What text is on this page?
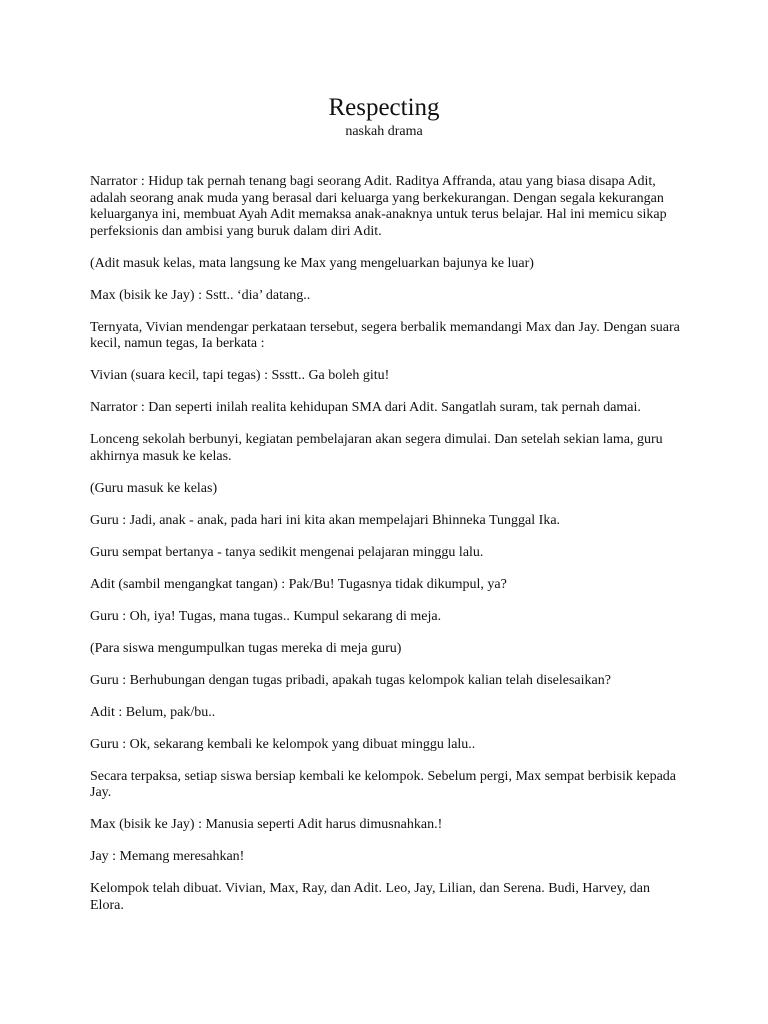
Respecting
naskah drama

Narrator : Hidup tak pernah tenang bagi seorang Adit. Raditya Affranda, atau yang biasa disapa Adit, adalah seorang anak muda yang berasal dari keluarga yang berkekurangan. Dengan segala kekurangan keluarganya ini, membuat Ayah Adit memaksa anak-anaknya untuk terus belajar. Hal ini memicu sikap perfeksionis dan ambisi yang buruk dalam diri Adit.

(Adit masuk kelas, mata langsung ke Max yang mengeluarkan bajunya ke luar)

Max (bisik ke Jay) : Sstt.. ‘dia’ datang..

Ternyata, Vivian mendengar perkataan tersebut, segera berbalik memandangi Max dan Jay. Dengan suara kecil, namun tegas, Ia berkata :

Vivian (suara kecil, tapi tegas) : Ssstt.. Ga boleh gitu!

Narrator : Dan seperti inilah realita kehidupan SMA dari Adit. Sangatlah suram, tak pernah damai.

Lonceng sekolah berbunyi, kegiatan pembelajaran akan segera dimulai. Dan setelah sekian lama, guru akhirnya masuk ke kelas.

(Guru masuk ke kelas)

Guru : Jadi, anak - anak, pada hari ini kita akan mempelajari Bhinneka Tunggal Ika.

Guru sempat bertanya - tanya sedikit mengenai pelajaran minggu lalu.

Adit (sambil mengangkat tangan) : Pak/Bu! Tugasnya tidak dikumpul, ya?

Guru : Oh, iya! Tugas, mana tugas.. Kumpul sekarang di meja.

(Para siswa mengumpulkan tugas mereka di meja guru)

Guru : Berhubungan dengan tugas pribadi, apakah tugas kelompok kalian telah diselesaikan?

Adit : Belum, pak/bu..

Guru : Ok, sekarang kembali ke kelompok yang dibuat minggu lalu..

Secara terpaksa, setiap siswa bersiap kembali ke kelompok. Sebelum pergi, Max sempat berbisik kepada Jay.

Max (bisik ke Jay) : Manusia seperti Adit harus dimusnahkan.!

Jay : Memang meresahkan!

Kelompok telah dibuat. Vivian, Max, Ray, dan Adit. Leo, Jay, Lilian, dan Serena. Budi, Harvey, dan Elora.
